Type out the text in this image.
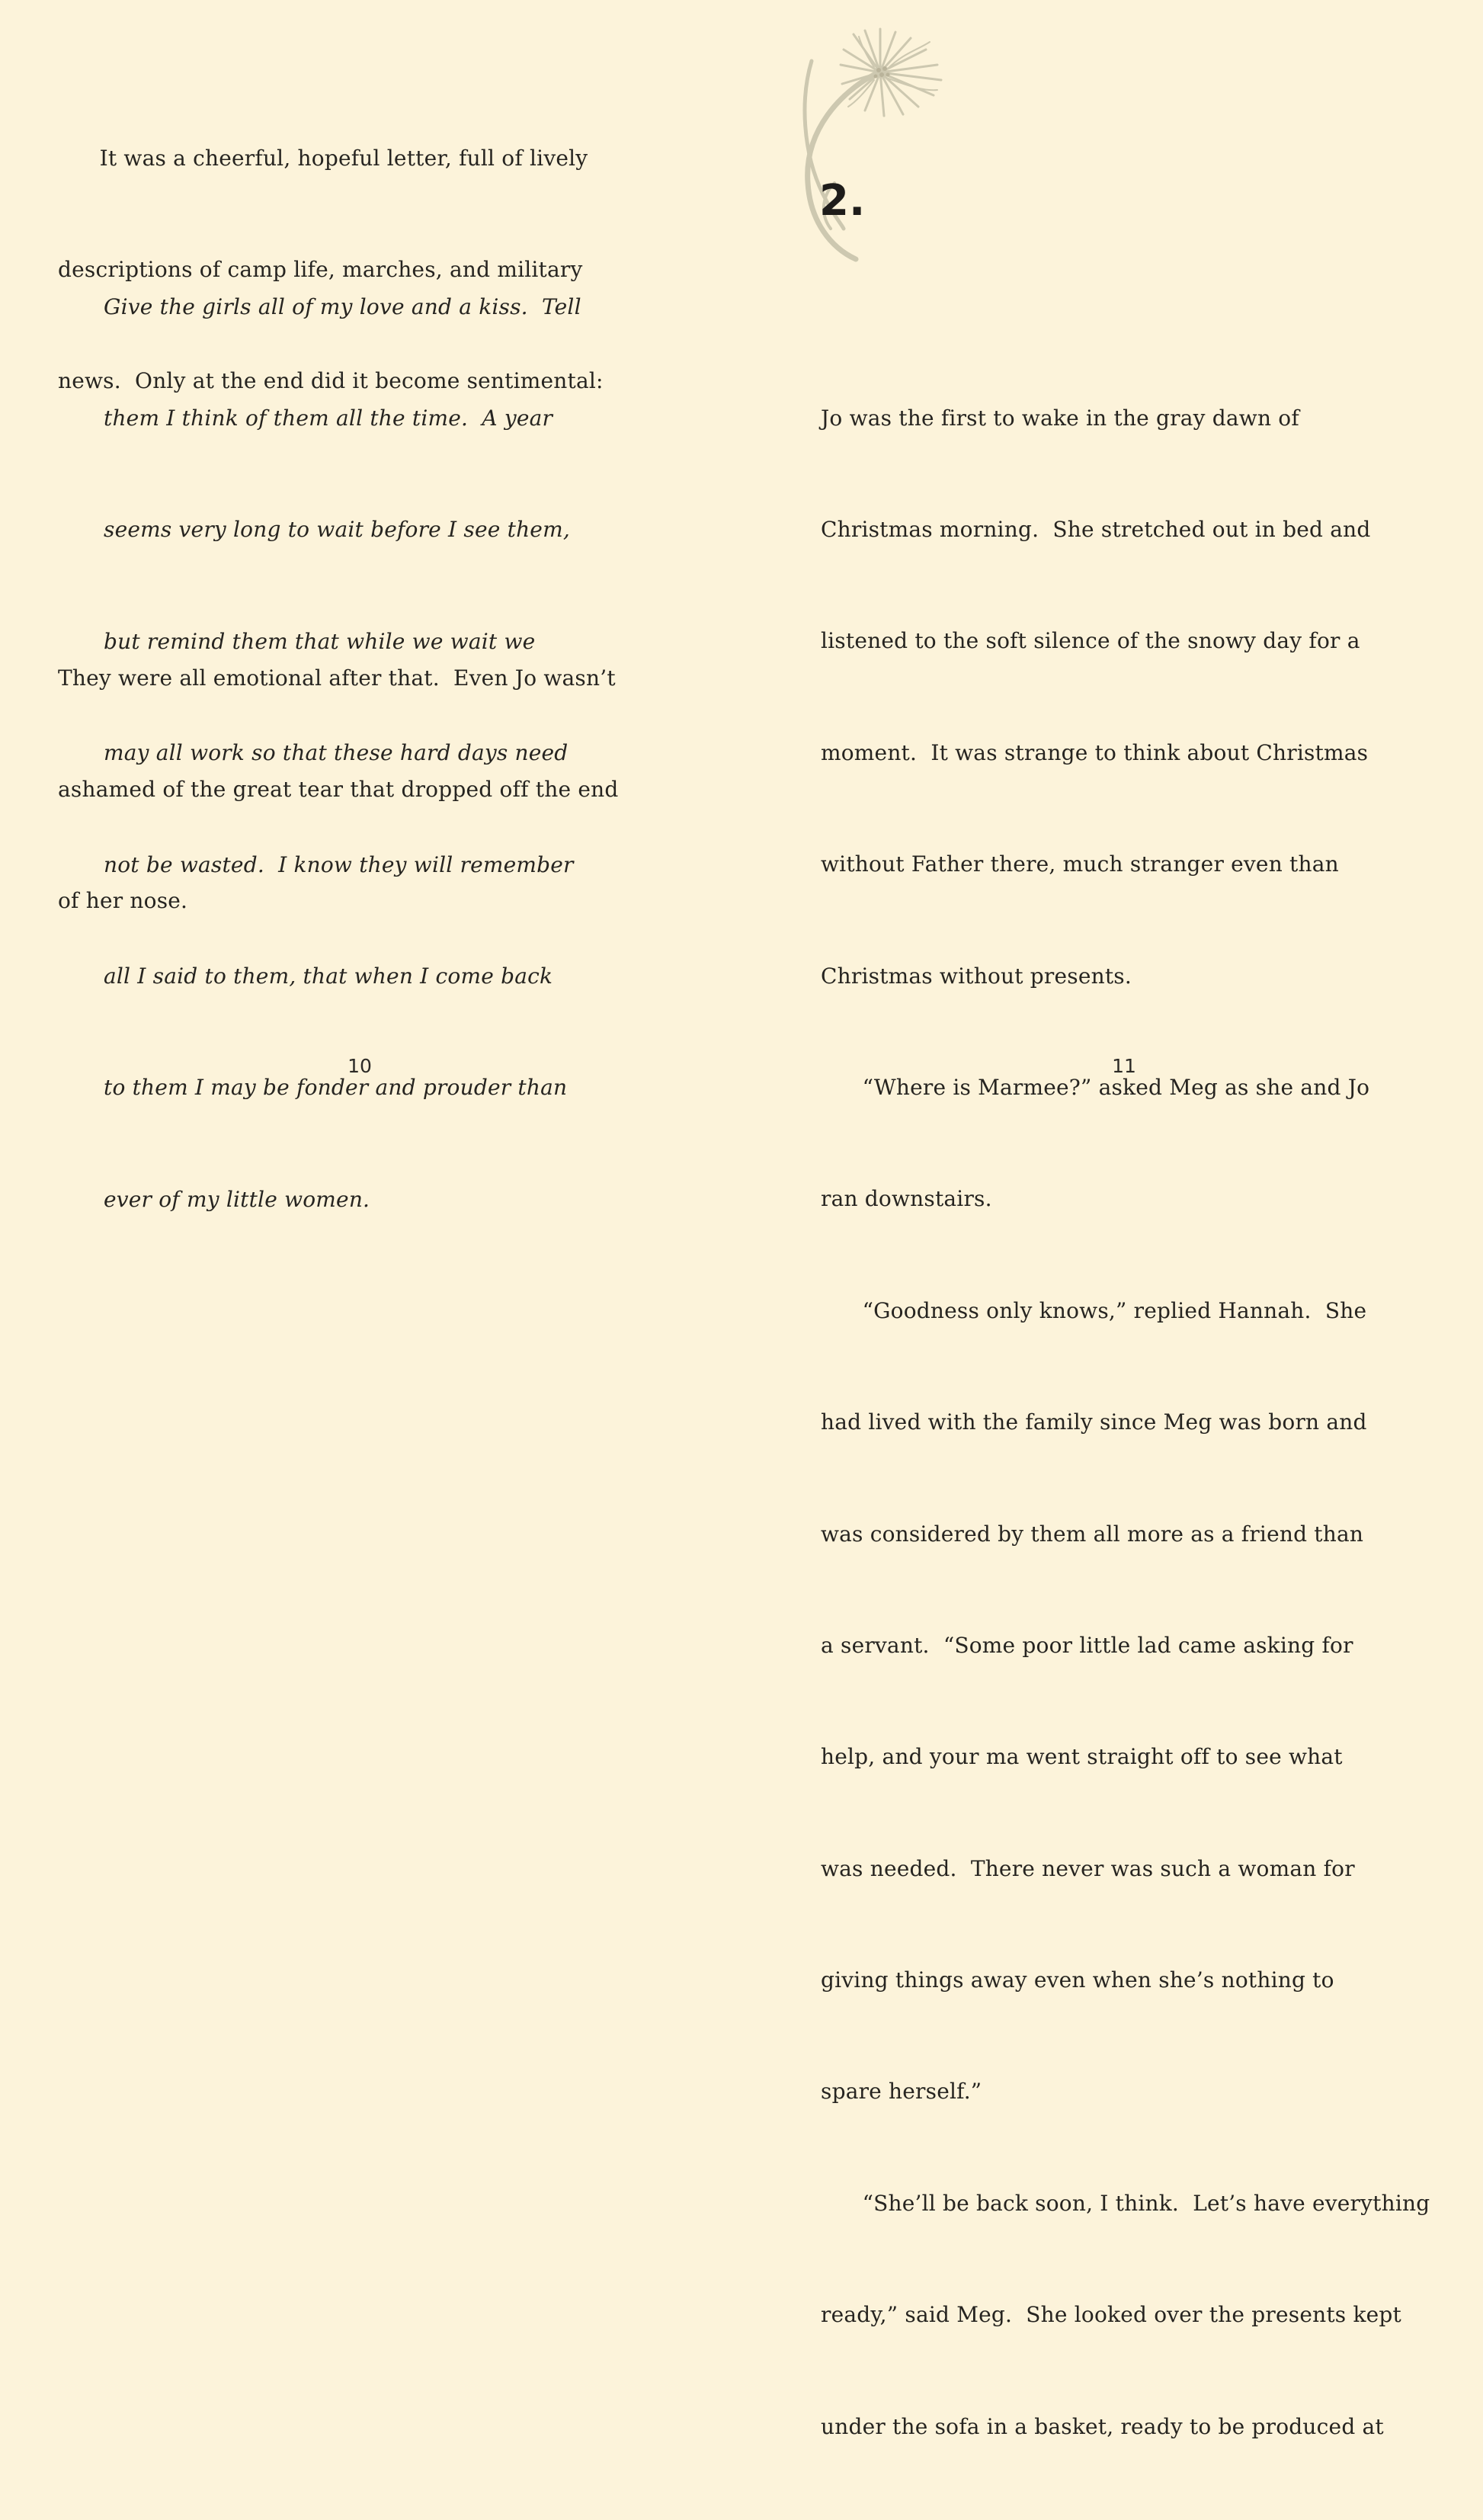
It was a cheerful, hopeful letter, full of lively

descriptions of camp life, marches, and military

news.  Only at the end did it become sentimental:

Give the girls all of my love and a kiss.  Tell

them I think of them all the time.  A year

seems very long to wait before I see them,

but remind them that while we wait we

may all work so that these hard days need

not be wasted.  I know they will remember

all I said to them, that when I come back

to them I may be fonder and prouder than

ever of my little women.

They were all emotional after that.  Even Jo wasn’t

ashamed of the great tear that dropped off the end

of her nose.

10
2.

Jo was the first to wake in the gray dawn of

Christmas morning.  She stretched out in bed and

listened to the soft silence of the snowy day for a

moment.  It was strange to think about Christmas

without Father there, much stranger even than

Christmas without presents.

“Where is Marmee?” asked Meg as she and Jo

ran downstairs.

“Goodness only knows,” replied Hannah.  She

had lived with the family since Meg was born and

was considered by them all more as a friend than

a servant.  “Some poor little lad came asking for

help, and your ma went straight off to see what

was needed.  There never was such a woman for

giving things away even when she’s nothing to

spare herself.”

“She’ll be back soon, I think.  Let’s have everything

ready,” said Meg.  She looked over the presents kept

under the sofa in a basket, ready to be produced at

11
